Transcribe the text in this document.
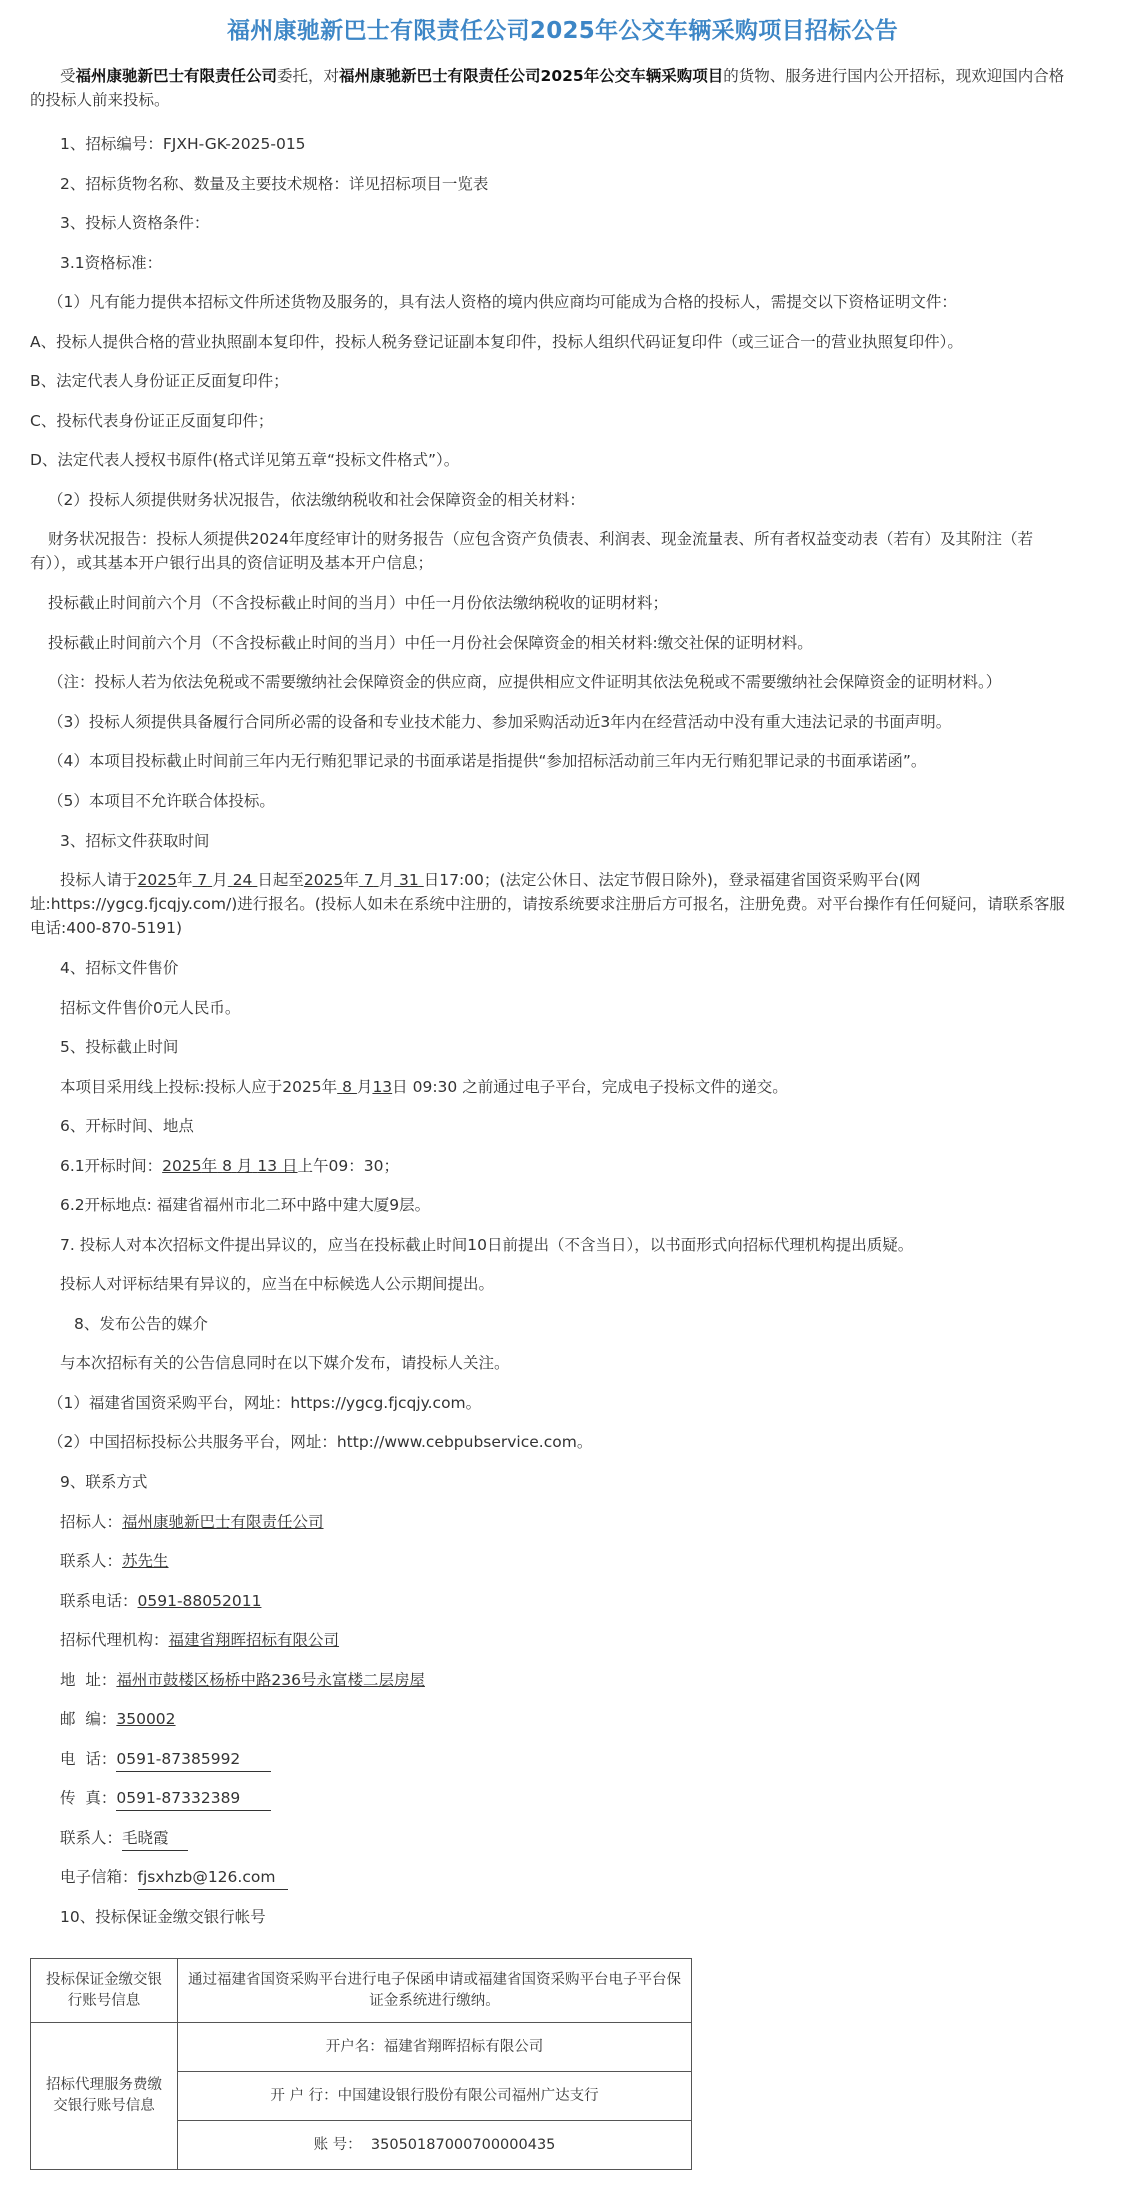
福州康驰新巴士有限责任公司2025年公交车辆采购项目招标公告
受福州康驰新巴士有限责任公司委托，对福州康驰新巴士有限责任公司2025年公交车辆采购项目的货物、服务进行国内公开招标，现欢迎国内合格
的投标人前来投标。
1、招标编号：FJXH-GK-2025-015
2、招标货物名称、数量及主要技术规格：详见招标项目一览表
3、投标人资格条件：
3.1资格标准：
（1）凡有能力提供本招标文件所述货物及服务的，具有法人资格的境内供应商均可能成为合格的投标人，需提交以下资格证明文件：
A、投标人提供合格的营业执照副本复印件，投标人税务登记证副本复印件，投标人组织代码证复印件（或三证合一的营业执照复印件）。
B、法定代表人身份证正反面复印件；
C、投标代表身份证正反面复印件；
D、法定代表人授权书原件(格式详见第五章“投标文件格式”）。
（2）投标人须提供财务状况报告，依法缴纳税收和社会保障资金的相关材料：
财务状况报告：投标人须提供2024年度经审计的财务报告（应包含资产负债表、利润表、现金流量表、所有者权益变动表（若有）及其附注（若
有）），或其基本开户银行出具的资信证明及基本开户信息；
投标截止时间前六个月（不含投标截止时间的当月）中任一月份依法缴纳税收的证明材料；
投标截止时间前六个月（不含投标截止时间的当月）中任一月份社会保障资金的相关材料:缴交社保的证明材料。
（注：投标人若为依法免税或不需要缴纳社会保障资金的供应商，应提供相应文件证明其依法免税或不需要缴纳社会保障资金的证明材料。）
（3）投标人须提供具备履行合同所必需的设备和专业技术能力、参加采购活动近3年内在经营活动中没有重大违法记录的书面声明。
（4）本项目投标截止时间前三年内无行贿犯罪记录的书面承诺是指提供“参加招标活动前三年内无行贿犯罪记录的书面承诺函”。
（5）本项目不允许联合体投标。
3、招标文件获取时间
投标人请于2025年 7 月 24 日起至2025年 7 月 31 日17:00；(法定公休日、法定节假日除外)，登录福建省国资采购平台(网
址:https://ygcg.fjcqjy.com/)进行报名。(投标人如未在系统中注册的，请按系统要求注册后方可报名，注册免费。对平台操作有任何疑问，请联系客服
电话:400-870-5191)
4、招标文件售价
招标文件售价0元人民币。
5、投标截止时间
本项目采用线上投标:投标人应于2025年 8 月13日 09:30 之前通过电子平台，完成电子投标文件的递交。
6、开标时间、地点
6.1开标时间：2025年 8 月 13 日上午09：30；
6.2开标地点: 福建省福州市北二环中路中建大厦9层。
7. 投标人对本次招标文件提出异议的，应当在投标截止时间10日前提出（不含当日），以书面形式向招标代理机构提出质疑。
投标人对评标结果有异议的，应当在中标候选人公示期间提出。
8、发布公告的媒介
与本次招标有关的公告信息同时在以下媒介发布，请投标人关注。
（1）福建省国资采购平台，网址：https://ygcg.fjcqjy.com。
（2）中国招标投标公共服务平台，网址：http://www.cebpubservice.com。
9、联系方式
招标人：福州康驰新巴士有限责任公司
联系人：苏先生
联系电话：0591-88052011
招标代理机构：福建省翔晖招标有限公司
地  址：福州市鼓楼区杨桥中路236号永富楼二层房屋
邮  编：350002
电  话：0591-87385992
传  真：0591-87332389
联系人：毛晓霞
电子信箱：fjsxhzb@126.com
10、投标保证金缴交银行帐号
投标保证金缴交银行账号信息	通过福建省国资采购平台进行电子保函申请或福建省国资采购平台电子平台保证金系统进行缴纳。
招标代理服务费缴交银行账号信息	开户名：福建省翔晖招标有限公司
	开 户 行：中国建设银行股份有限公司福州广达支行
	账 号：  35050187000700000435
